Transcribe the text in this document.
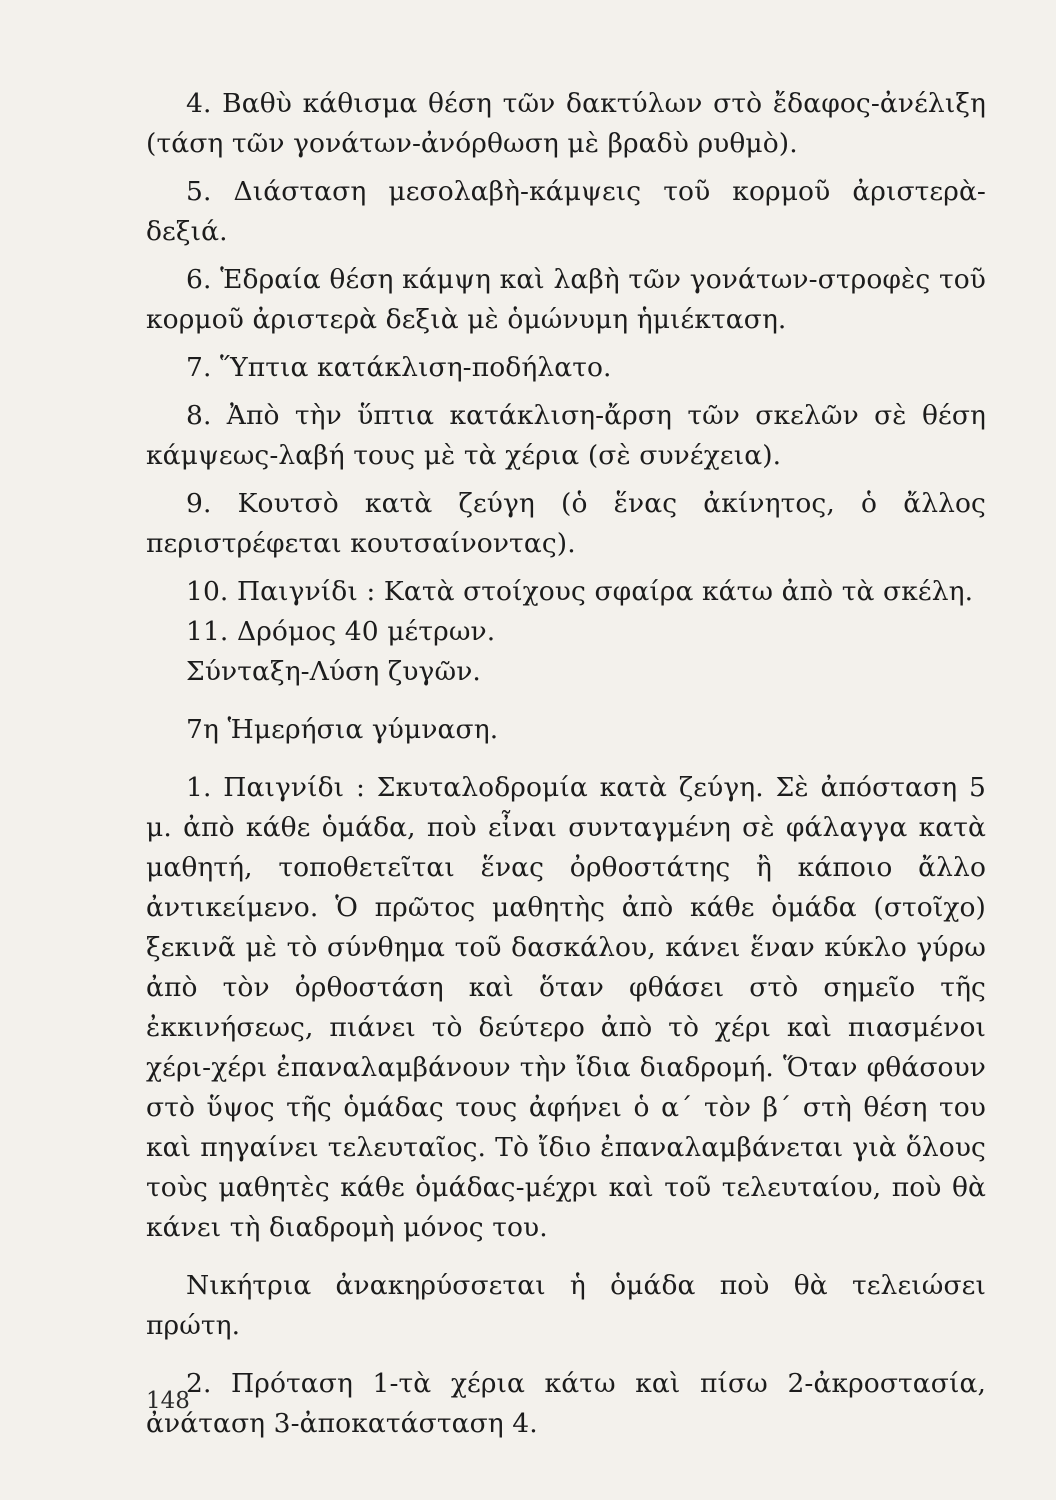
4. Βαθὺ κάθισμα θέση τῶν δακτύλων στὸ ἔδαφος-ἀνέλιξη (τάση τῶν γονάτων-ἀνόρθωση μὲ βραδὺ ρυθμὸ).

5. Διάσταση μεσολαβὴ-κάμψεις τοῦ κορμοῦ ἀριστερὰ-δεξιά.

6. Ἑδραία θέση κάμψη καὶ λαβὴ τῶν γονάτων-στροφὲς τοῦ κορμοῦ ἀριστερὰ δεξιὰ μὲ ὁμώνυμη ἡμιέκταση.

7. Ὕπτια κατάκλιση-ποδήλατο.

8. Ἀπὸ τὴν ὕπτια κατάκλιση-ἄρση τῶν σκελῶν σὲ θέση κάμψεως-λαβή τους μὲ τὰ χέρια (σὲ συνέχεια).

9. Κουτσὸ κατὰ ζεύγη (ὁ ἕνας ἀκίνητος, ὁ ἄλλος περιστρέφεται κουτσαίνοντας).

10. Παιγνίδι : Κατὰ στοίχους σφαίρα κάτω ἀπὸ τὰ σκέλη.

11. Δρόμος 40 μέτρων.

Σύνταξη-Λύση ζυγῶν.

7η Ἡμερήσια γύμναση.

1. Παιγνίδι : Σκυταλοδρομία κατὰ ζεύγη. Σὲ ἀπόσταση 5 μ. ἀπὸ κάθε ὁμάδα, ποὺ εἶναι συνταγμένη σὲ φάλαγγα κατὰ μαθητή, τοποθετεῖται ἕνας ὀρθοστάτης ἢ κάποιο ἄλλο ἀντικείμενο. Ὁ πρῶτος μαθητὴς ἀπὸ κάθε ὁμάδα (στοῖχο) ξεκινᾶ μὲ τὸ σύνθημα τοῦ δασκάλου, κάνει ἕναν κύκλο γύρω ἀπὸ τὸν ὀρθοστάση καὶ ὅταν φθάσει στὸ σημεῖο τῆς ἐκκινήσεως, πιάνει τὸ δεύτερο ἀπὸ τὸ χέρι καὶ πιασμένοι χέρι-χέρι ἐπαναλαμβάνουν τὴν ἴδια διαδρομή. Ὅταν φθάσουν στὸ ὕψος τῆς ὁμάδας τους ἀφήνει ὁ α΄ τὸν β΄ στὴ θέση του καὶ πηγαίνει τελευταῖος. Τὸ ἴδιο ἐπαναλαμβάνεται γιὰ ὅλους τοὺς μαθητὲς κάθε ὁμάδας-μέχρι καὶ τοῦ τελευταίου, ποὺ θὰ κάνει τὴ διαδρομὴ μόνος του.

Νικήτρια ἀνακηρύσσεται ἡ ὁμάδα ποὺ θὰ τελειώσει πρώτη.

2. Πρόταση 1-τὰ χέρια κάτω καὶ πίσω 2-ἀκροστασία, ἀνάταση 3-ἀποκατάσταση 4.

148
